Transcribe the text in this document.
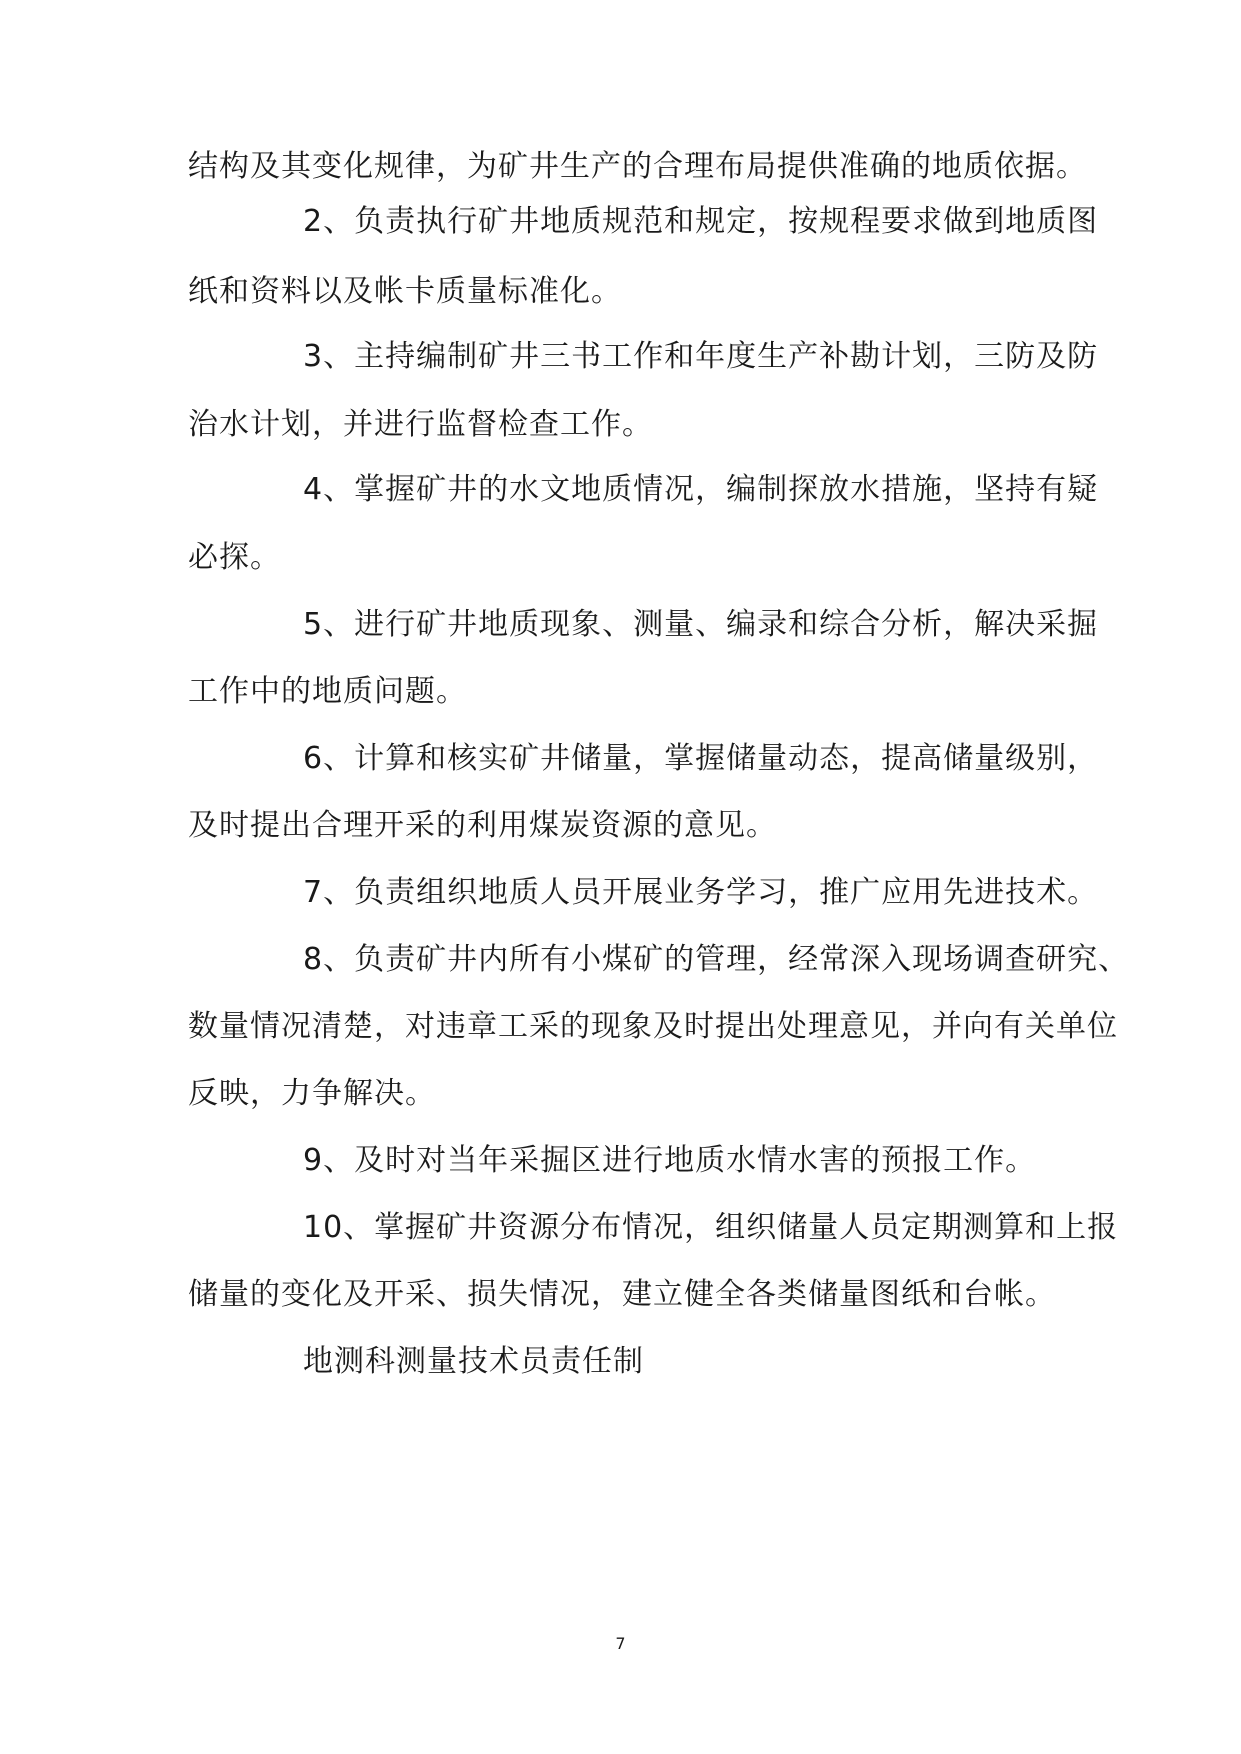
结构及其变化规律，为矿井生产的合理布局提供准确的地质依据。
2、负责执行矿井地质规范和规定，按规程要求做到地质图
纸和资料以及帐卡质量标准化。
3、主持编制矿井三书工作和年度生产补勘计划，三防及防
治水计划，并进行监督检查工作。
4、掌握矿井的水文地质情况，编制探放水措施，坚持有疑
必探。
5、进行矿井地质现象、测量、编录和综合分析，解决采掘
工作中的地质问题。
6、计算和核实矿井储量，掌握储量动态，提高储量级别，
及时提出合理开采的利用煤炭资源的意见。
7、负责组织地质人员开展业务学习，推广应用先进技术。
8、负责矿井内所有小煤矿的管理，经常深入现场调查研究、
数量情况清楚，对违章工采的现象及时提出处理意见，并向有关单位
反映，力争解决。
9、及时对当年采掘区进行地质水情水害的预报工作。
10、掌握矿井资源分布情况，组织储量人员定期测算和上报
储量的变化及开采、损失情况，建立健全各类储量图纸和台帐。
地测科测量技术员责任制
7
